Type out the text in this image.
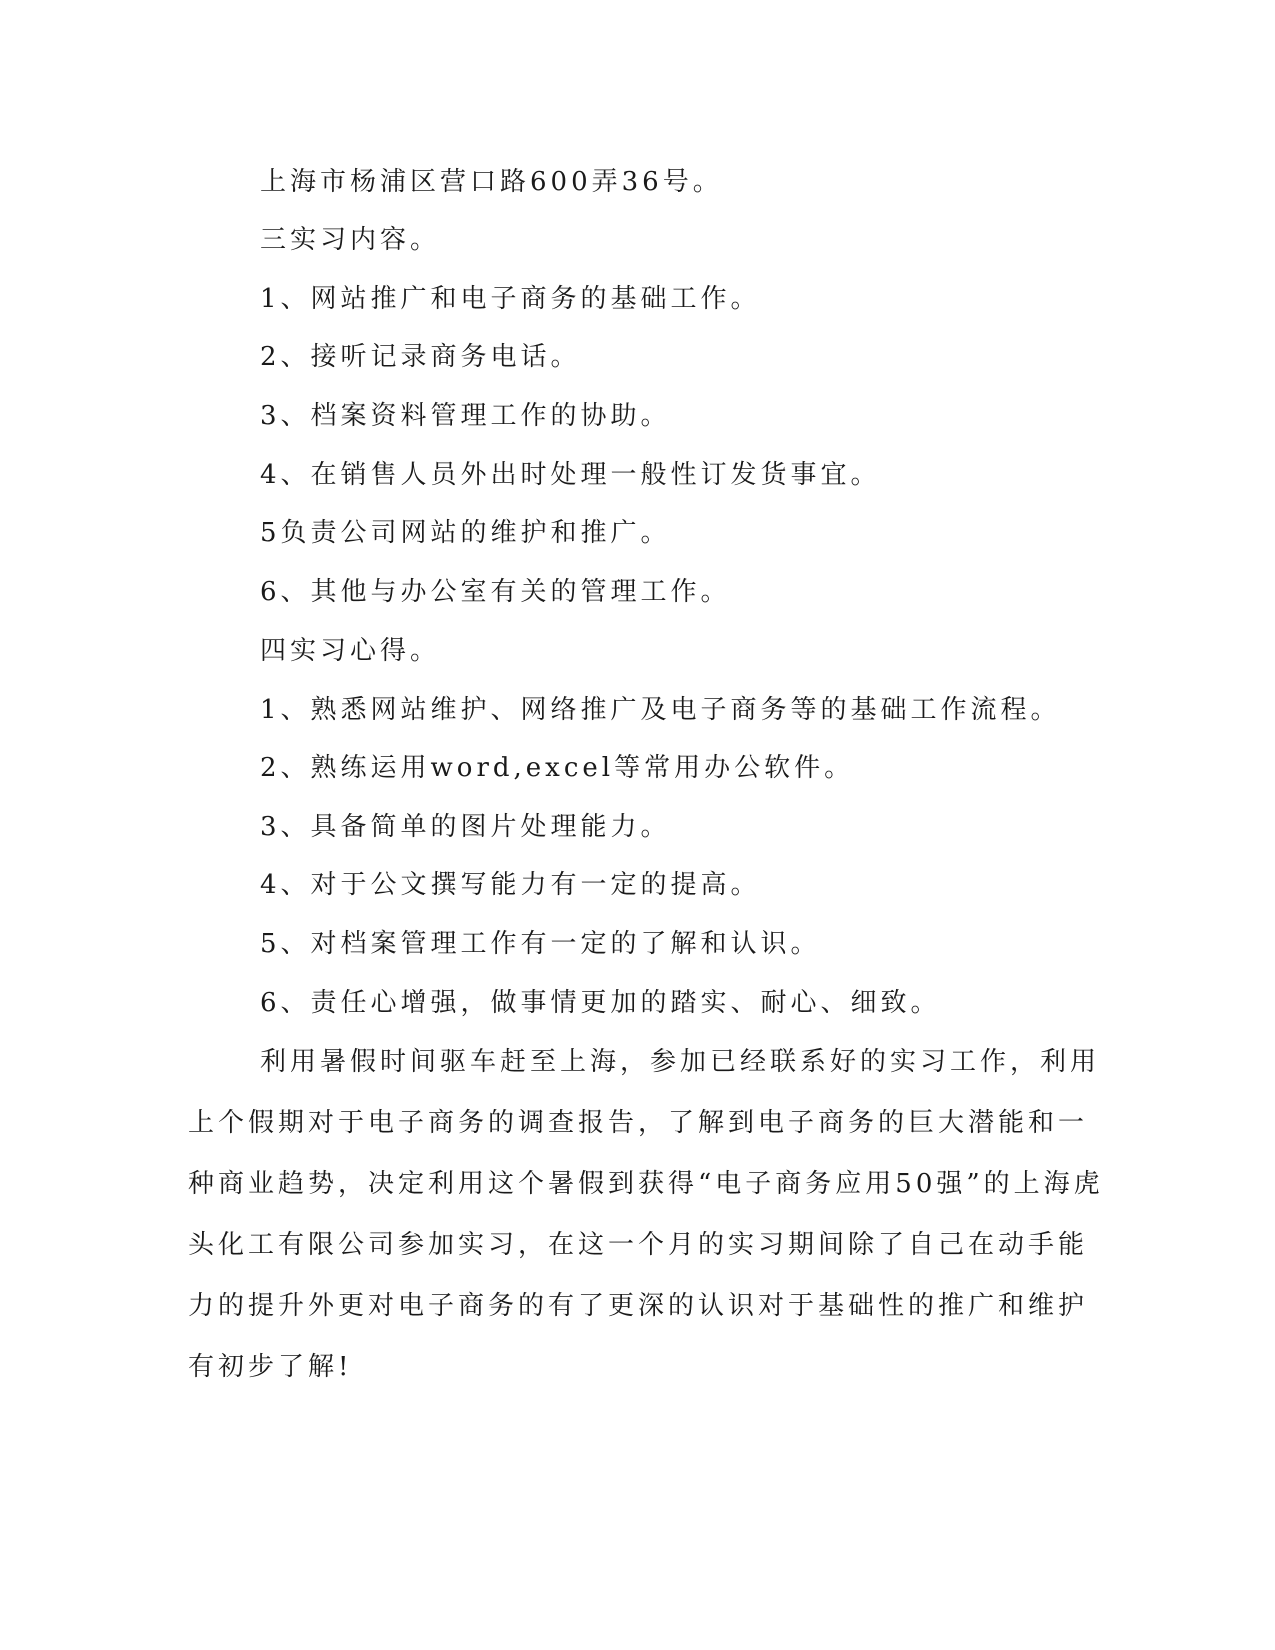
上海市杨浦区营口路600弄36号。
三实习内容。
1、网站推广和电子商务的基础工作。
2、接听记录商务电话。
3、档案资料管理工作的协助。
4、在销售人员外出时处理一般性订发货事宜。
5负责公司网站的维护和推广。
6、其他与办公室有关的管理工作。
四实习心得。
1、熟悉网站维护、网络推广及电子商务等的基础工作流程。
2、熟练运用word,excel等常用办公软件。
3、具备简单的图片处理能力。
4、对于公文撰写能力有一定的提高。
5、对档案管理工作有一定的了解和认识。
6、责任心增强，做事情更加的踏实、耐心、细致。
利用暑假时间驱车赶至上海，参加已经联系好的实习工作，利用
上个假期对于电子商务的调查报告，了解到电子商务的巨大潜能和一
种商业趋势，决定利用这个暑假到获得“电子商务应用50强”的上海虎
头化工有限公司参加实习，在这一个月的实习期间除了自己在动手能
力的提升外更对电子商务的有了更深的认识对于基础性的推广和维护
有初步了解!
